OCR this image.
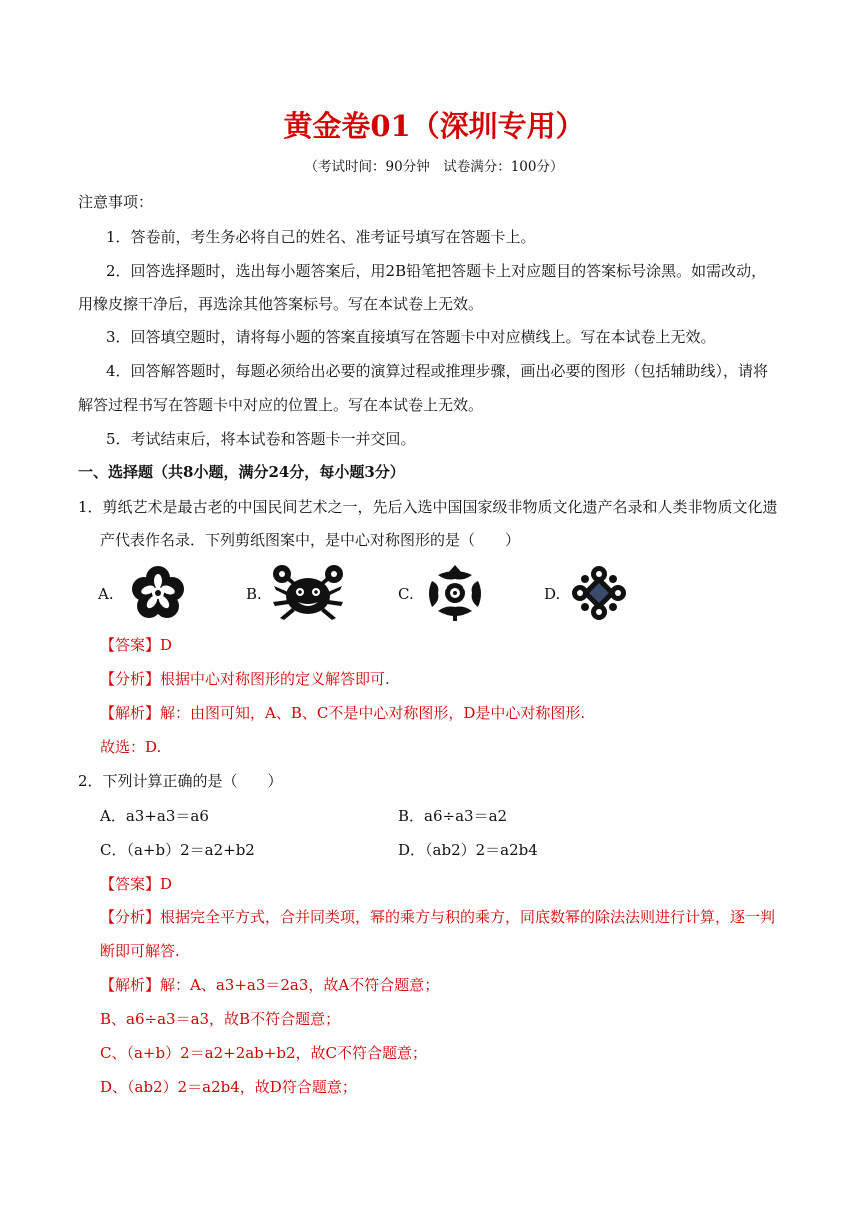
黄金卷01（深圳专用）
（考试时间：90分钟　试卷满分：100分）
注意事项：
1．答卷前，考生务必将自己的姓名、准考证号填写在答题卡上。
2．回答选择题时，选出每小题答案后，用2B铅笔把答题卡上对应题目的答案标号涂黑。如需改动，
用橡皮擦干净后，再选涂其他答案标号。写在本试卷上无效。
3．回答填空题时，请将每小题的答案直接填写在答题卡中对应横线上。写在本试卷上无效。
4．回答解答题时，每题必须给出必要的演算过程或推理步骤，画出必要的图形（包括辅助线），请将
解答过程书写在答题卡中对应的位置上。写在本试卷上无效。
5．考试结束后，将本试卷和答题卡一并交回。
一、选择题（共8小题，满分24分，每小题3分）
1．剪纸艺术是最古老的中国民间艺术之一，先后入选中国国家级非物质文化遗产名录和人类非物质文化遗
产代表作名录．下列剪纸图案中，是中心对称图形的是（　　）
A.	B.	C.	D.
【答案】D
【分析】根据中心对称图形的定义解答即可.
【解析】解：由图可知，A、B、C不是中心对称图形，D是中心对称图形.
故选：D.
2．下列计算正确的是（　　）
A．a3+a3＝a6	B．a6÷a3＝a2
C．（a+b）2＝a2+b2	D．（ab2）2＝a2b4
【答案】D
【分析】根据完全平方式，合并同类项，幂的乘方与积的乘方，同底数幂的除法法则进行计算，逐一判
断即可解答.
【解析】解：A、a3+a3＝2a3，故A不符合题意；
B、a6÷a3＝a3，故B不符合题意；
C、（a+b）2＝a2+2ab+b2，故C不符合题意；
D、（ab2）2＝a2b4，故D符合题意；
